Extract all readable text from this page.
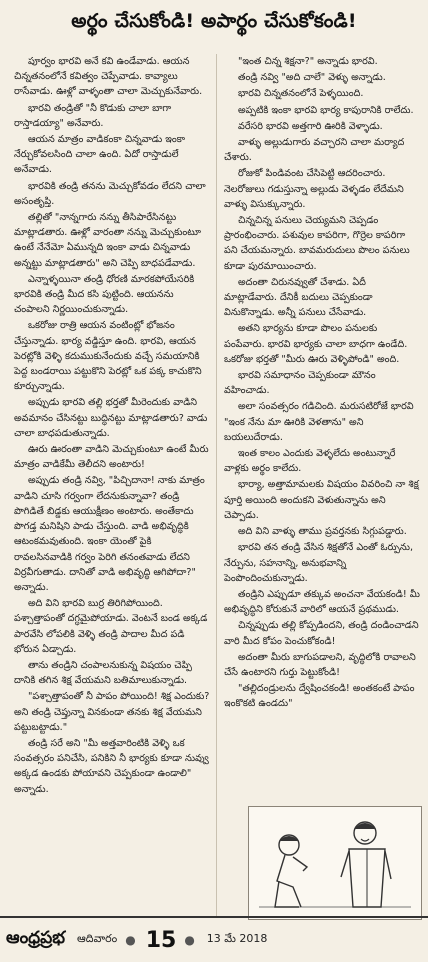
అర్థం చేసుకోండి! అపార్థం చేసుకోకండి!

పూర్వం భారవి అనే కవి ఉండేవాడు. ఆయన చిన్నతనంలోనే కవిత్వం చెప్పేవాడు. కావ్యాలు రాసేవాడు. ఊళ్లో వాళ్ళంతా చాలా మెచ్చుకునేవారు.

భారవి తండ్రితో "నీ కొడుకు చాలా బాగా రాస్తాడయ్యా" అనేవారు.

ఆయన మాత్రం వాడికంకా చిన్నవాడు ఇంకా నేర్చుకోవలసింది చాలా ఉంది. ఏదో రాస్తాడులే అనేవాడు.

భారవికి తండ్రి తనను మెచ్చుకోవడం లేదని చాలా అసంతృప్తి.

తల్లితో "నాన్నగారు నన్ను తీసిపారేసినట్టు మాట్లాడతారు. ఊళ్లో వారంతా నన్ను మెచ్చుకుంటూ ఉంటే నేనేమో ఏమున్నది ఇంకా వాడు చిన్నవాడు అన్నట్టు మాట్లాడతారు" అని చెప్పి బాధపడేవాడు.

ఎన్నాళ్ళయినా తండ్రి ధోరణి మారకపోయేసరికి భారవికి తండ్రి మీద కసి పుట్టింది. ఆయనను చంపాలని నిర్ణయించుకున్నాడు.

ఒకరోజు రాత్రి ఆయన వంటింట్లో భోజనం చేస్తున్నాడు. భార్య వడ్డిస్తూ ఉంది. భారవి, ఆయన పెరట్లోకి వెళ్ళి కదుముకునేందుకు వచ్చే సమయానికి పెద్ద బండరాయి పట్టుకొని పెరట్లో ఒక పక్క కాచుకొని కూర్చున్నాడు.

అప్పుడు భారవి తల్లి భర్తతో మీరెందుకు వాడిని అవమానం చేసినట్టు బుద్ధినట్టు మాట్లాడతారు? వాడు చాలా బాధపడుతున్నాడు.

ఊరు ఊరంతా వాడిని మెచ్చుకుంటూ ఉంటే మీరు మాత్రం వాడికేమీ తెలీదని అంటారు!

అప్పుడు తండ్రి నవ్వి, "పిచ్చిదానా! నాకు మాత్రం వాడిని చూసి గర్వంగా లేదనుకున్నావా? తండ్రి పొగిడితే బిడ్డకు ఆయుక్షీణం అంటారు. అంతేకాదు పొగడ్త మనిషిని పాడు చేస్తుంది. వాడి అభివృద్ధికి ఆటంకమవుతుంది. ఇంకా యెంతో పైకి రావలసినవాడికి గర్వం పెరిగి తనంతవాడు లేదని విర్రవీగుతాడు. దానితో వాడి అభివృద్ధి ఆగిపోదా?" అన్నాడు.

అది విని భారవి బుర్ర తిరిగిపోయింది. పశ్చాత్తాపంతో దగ్ధమైపోయాడు. వెంటనే బండ అక్కడ పారవేసి లోపలికి వెళ్ళి తండ్రి పాదాల మీద పడి భోరున ఏడ్చాడు.

తాను తండ్రిని చంపాలనుకున్న విషయం చెప్పి దానికి తగిన శిక్ష వేయమని బతిమాలుకున్నాడు.

"పశ్చాత్తాపంతో నీ పాపం పోయింది! శిక్ష ఎందుకు? అని తండ్రి చెప్తున్నా వినకుండా తనకు శిక్ష వేయమని పట్టుబట్టాడు."

తండ్రి సరే అని "మీ అత్తవారింటికి వెళ్ళి ఒక సంవత్సరం పనిచేసి, పనికిని నీ భార్యకు కూడా నువ్వు అక్కడ ఉండకు పోయావని చెప్పకుండా ఉండాలి" అన్నాడు.

"ఇంత చిన్న శిక్షనా?" అన్నాడు భారవి.

తండ్రి నవ్వి "అది చాలే" వెళ్ళు అన్నాడు.

భారవి చిన్నతనంలోనే పెళ్ళయింది.

అప్పటికి ఇంకా భారవి భార్య కాపురానికి రాలేదు.

వరేసరి భారవి అత్తగారి ఊరికి వెళ్ళాడు.

వాళ్ళు అల్లుడుగారు వచ్చారని చాలా మర్యాద చేశారు.

రోజుకో పిండివంట చేసిపెట్టి ఆదరించారు. నెలరోజులు గడుస్తున్నా అల్లుడు వెళ్ళడం లేదేమని వాళ్ళు విసుక్కున్నారు.

చిన్నచిన్న పనులు చెయ్యమని చెప్పడం ప్రారంభించారు. పశువుల కాపరిగా, గొర్రెల కాపరిగా పని చేయమన్నారు. బావమరుదులు పొలం పనులు కూడా పురమాయించారు.

అదంతా చిరునవ్వుతో చేశాడు. ఏదీ మాట్లాడేవారు. దేనికీ బదులు చెప్పకుండా వినుకొన్నాడు. అన్నీ పనులు చేసేవాడు.

అతని భార్యను కూడా పొలం పనులకు పంపేవారు. భారవి భార్యకు చాలా బాధగా ఉండేది. ఒకరోజు భర్తతో "మీరు ఊరు వెళ్ళిపోండి" అంది.

భారవి సమాధానం చెప్పకుండా మౌనం వహించాడు.

అలా సంవత్సరం గడిచింది. మరుసటిరోజే భారవి "ఇంక నేను మా ఊరికి వెళతాను" అని బయలుదేరాడు.

ఇంత కాలం ఎందుకు వెళ్ళలేదు అంటున్నారే వాళ్లకు అర్థం కాలేదు.

భార్యా, అత్తామామలకు విషయం వివరించి నా శిక్ష పూర్తి అయింది అందుకని వెళుతున్నాను అని చెప్పాడు.

అది విని వాళ్ళు తాము ప్రవర్తనకు సిగ్గుపడ్డారు.

భారవి తన తండ్రి వేసిన శిక్షతోనే ఎంతో ఓర్పును, నేర్పును, సహనాన్ని, అనుభవాన్ని పెంపొందించుకున్నాడు.

తండ్రిని ఎప్పుడూ తక్కువ అంచనా వేయకండి! మీ అభివృద్ధిని కోరుకునే వారిలో ఆయనే ప్రథముడు.

చిన్నప్పుడు తల్లి కోప్పడిందని, తండ్రి దండించాడని వారి మీద కోపం పెంచుకోకండి!

అదంతా మీరు బాగుపడాలని, వృద్ధిలోకి రావాలని చేసే ఉంటారని గుర్తు పెట్టుకోండి!

"తల్లిదండ్రులను ద్వేషించకండి! అంతకంటే పాపం ఇంకొకటి ఉండదు"

ఆంధ్రప్రభ ఆదివారం ● 15 ● 13 మే 2018
